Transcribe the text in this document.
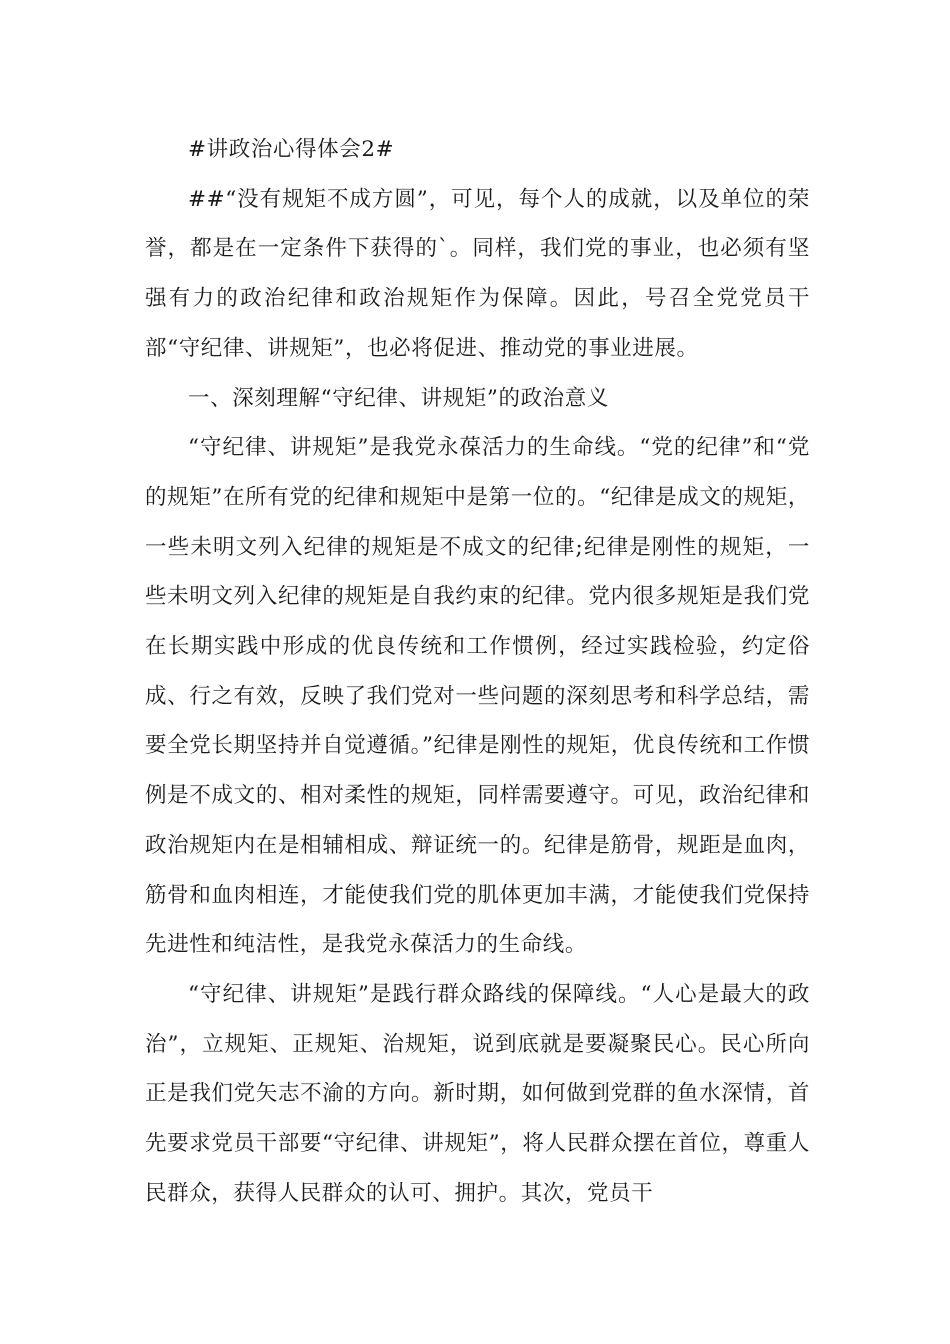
#讲政治心得体会2#

##“没有规矩不成方圆”，可见，每个人的成就，以及单位的荣誉，都是在一定条件下获得的`。同样，我们党的事业，也必须有坚强有力的政治纪律和政治规矩作为保障。因此，号召全党党员干部“守纪律、讲规矩”，也必将促进、推动党的事业进展。

一、深刻理解“守纪律、讲规矩”的政治意义

“守纪律、讲规矩”是我党永葆活力的生命线。“党的纪律”和“党的规矩”在所有党的纪律和规矩中是第一位的。“纪律是成文的规矩，一些未明文列入纪律的规矩是不成文的纪律;纪律是刚性的规矩，一些未明文列入纪律的规矩是自我约束的纪律。党内很多规矩是我们党在长期实践中形成的优良传统和工作惯例，经过实践检验，约定俗成、行之有效，反映了我们党对一些问题的深刻思考和科学总结，需要全党长期坚持并自觉遵循。”纪律是刚性的规矩，优良传统和工作惯例是不成文的、相对柔性的规矩，同样需要遵守。可见，政治纪律和政治规矩内在是相辅相成、辩证统一的。纪律是筋骨，规距是血肉，筋骨和血肉相连，才能使我们党的肌体更加丰满，才能使我们党保持先进性和纯洁性，是我党永葆活力的生命线。

“守纪律、讲规矩”是践行群众路线的保障线。“人心是最大的政治”，立规矩、正规矩、治规矩，说到底就是要凝聚民心。民心所向正是我们党矢志不渝的方向。新时期，如何做到党群的鱼水深情，首先要求党员干部要“守纪律、讲规矩”，将人民群众摆在首位，尊重人民群众，获得人民群众的认可、拥护。其次，党员干
